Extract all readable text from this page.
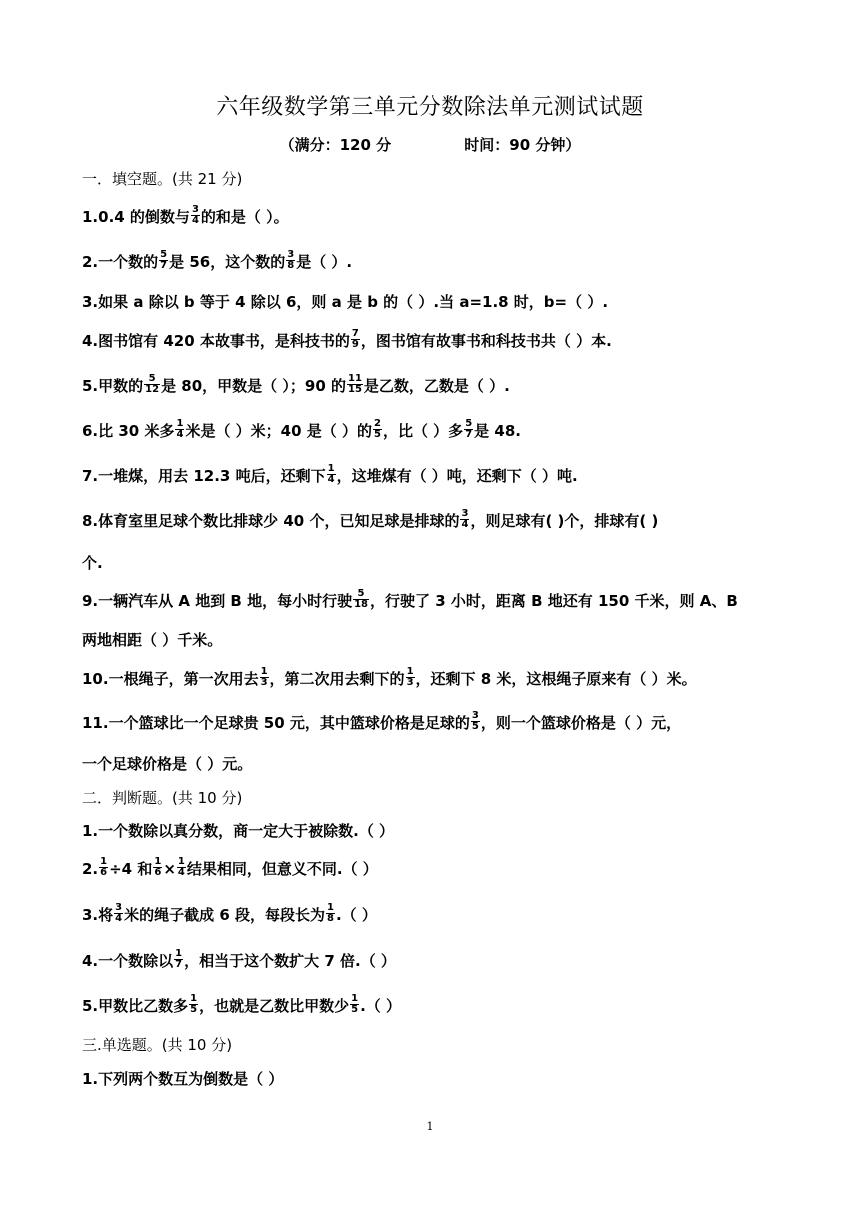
六年级数学第三单元分数除法单元测试试题
（满分：120 分              时间：90 分钟）
一．填空题。(共 21 分)
1.0.4 的倒数与 $\frac{3}{4}$ 的和是（ ）。
2.一个数的 $\frac{5}{7}$ 是 56，这个数的 $\frac{3}{8}$ 是（ ）.
3.如果 a 除以 b 等于 4 除以 6，则 a 是 b 的（ ）.当 a=1.8 时，b=（ ）.
4.图书馆有 420 本故事书，是科技书的 $\frac{7}{9}$ ，图书馆有故事书和科技书共（ ）本.
5.甲数的 $\frac{5}{12}$ 是 80，甲数是（ ）；90 的 $\frac{11}{15}$ 是乙数，乙数是（ ）.
6.比 30 米多 $\frac{1}{4}$ 米是（ ）米；40 是（ ）的 $\frac{2}{5}$ ，比（ ）多 $\frac{5}{7}$ 是 48.
7.一堆煤，用去 12.3 吨后，还剩下 $\frac{1}{4}$ ，这堆煤有（ ）吨，还剩下（ ）吨.
8.体育室里足球个数比排球少 40 个，已知足球是排球的 $\frac{3}{4}$ ，则足球有( )个，排球有( )
个.
9.一辆汽车从 A 地到 B 地，每小时行驶 $\frac{5}{18}$ ，行驶了 3 小时，距离 B 地还有 150 千米，则 A、B
两地相距（ ）千米。
10.一根绳子，第一次用去 $\frac{1}{3}$ ，第二次用去剩下的 $\frac{1}{3}$ ，还剩下 8 米，这根绳子原来有（ ）米。
11.一个篮球比一个足球贵 50 元，其中篮球价格是足球的 $\frac{3}{5}$ ，则一个篮球价格是（ ）元，
一个足球价格是（ ）元。
二．判断题。(共 10 分)
1.一个数除以真分数，商一定大于被除数.（ ）
2. $\frac{1}{6} \div 4$ 和 $\frac{1}{6} \times \frac{1}{4}$ 结果相同，但意义不同.（ ）
3.将 $\frac{3}{4}$ 米的绳子截成 6 段，每段长为 $\frac{1}{8}$ .（ ）
4.一个数除以 $\frac{1}{7}$ ，相当于这个数扩大 7 倍.（ ）
5.甲数比乙数多 $\frac{1}{5}$ ，也就是乙数比甲数少 $\frac{1}{5}$ .（ ）
三.单选题。(共 10 分)
1.下列两个数互为倒数是（ ）
1
